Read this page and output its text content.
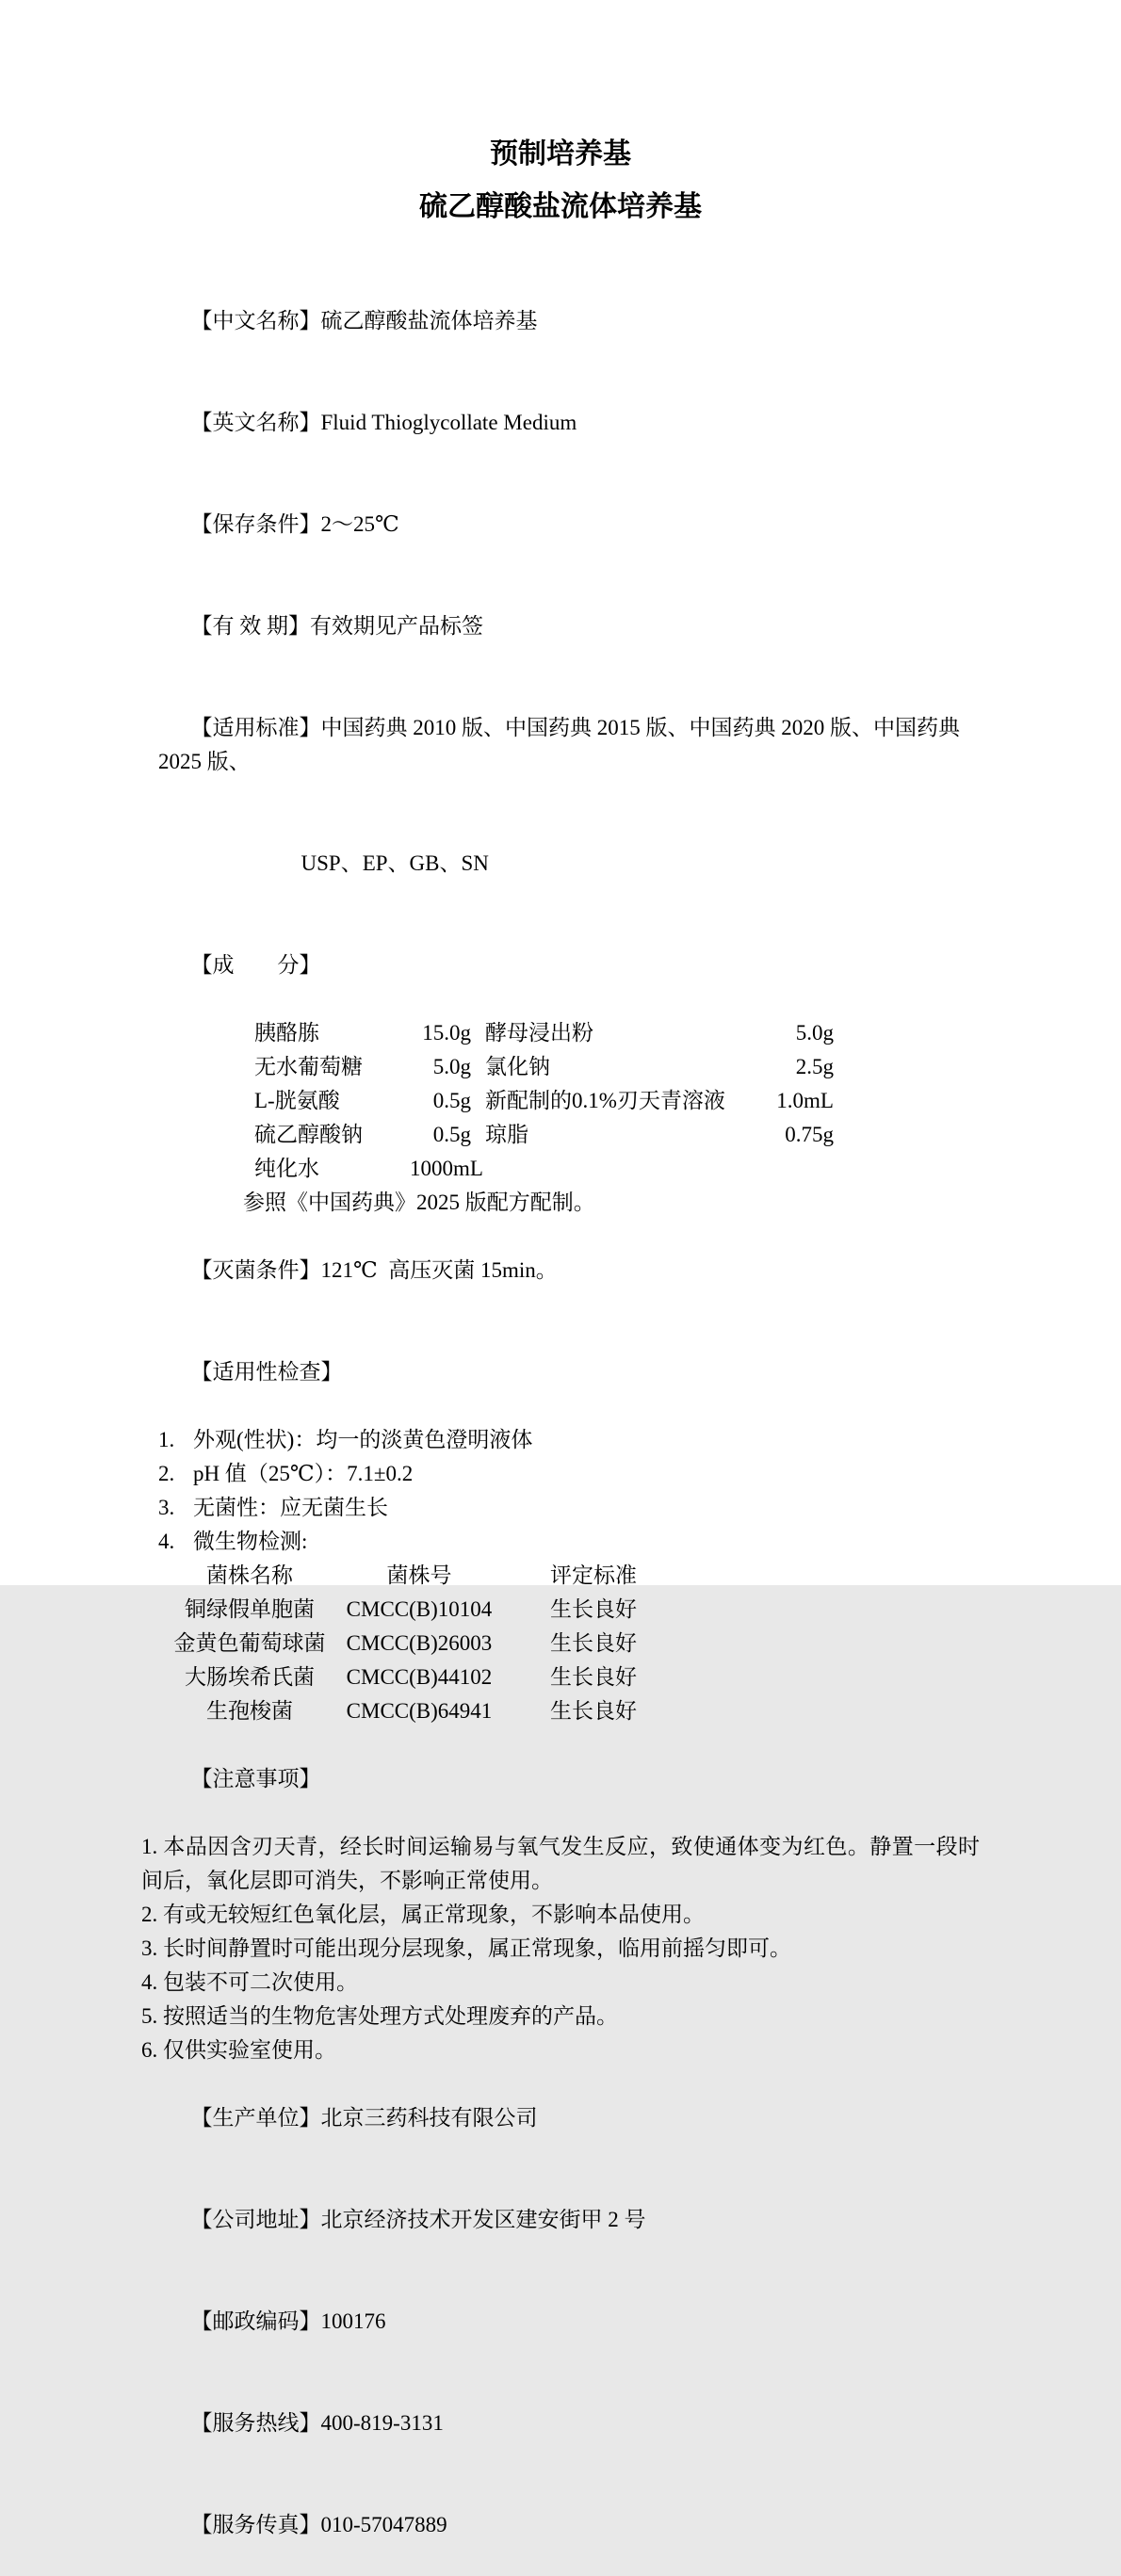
预制培养基
硫乙醇酸盐流体培养基

【中文名称】硫乙醇酸盐流体培养基

【英文名称】Fluid Thioglycollate Medium

【保存条件】2～25℃

【有 效 期】有效期见产品标签

【适用标准】中国药典 2010 版、中国药典 2015 版、中国药典 2020 版、中国药典 2025 版、

USP、EP、GB、SN

【成　　分】

胰酪胨	15.0g 酵母浸出粉	5.0g
无水葡萄糖	5.0g 氯化钠	2.5g
L-胱氨酸	0.5g 新配制的0.1%刃天青溶液	1.0mL
硫乙醇酸钠	0.5g 琼脂	0.75g
纯化水	1000mL
参照《中国药典》2025 版配方配制。

【灭菌条件】121℃  高压灭菌 15min。

【适用性检查】

1. 外观(性状)：均一的淡黄色澄明液体
2. pH 值（25℃）：7.1±0.2
3. 无菌性：应无菌生长
4. 微生物检测:
菌株名称	菌株号	评定标准
铜绿假单胞菌	CMCC(B)10104	生长良好
金黄色葡萄球菌 CMCC(B)26003	生长良好
大肠埃希氏菌	CMCC(B)44102	生长良好
生孢梭菌	CMCC(B)64941	生长良好

【注意事项】

1. 本品因含刃天青，经长时间运输易与氧气发生反应，致使通体变为红色。静置一段时间后，氧化层即可消失，不影响正常使用。

2. 有或无较短红色氧化层，属正常现象，不影响本品使用。

3. 长时间静置时可能出现分层现象，属正常现象，临用前摇匀即可。

4. 包装不可二次使用。

5. 按照适当的生物危害处理方式处理废弃的产品。

6. 仅供实验室使用。

【生产单位】北京三药科技有限公司

【公司地址】北京经济技术开发区建安街甲 2 号

【邮政编码】100176

【服务热线】400-819-3131

【服务传真】010-57047889
